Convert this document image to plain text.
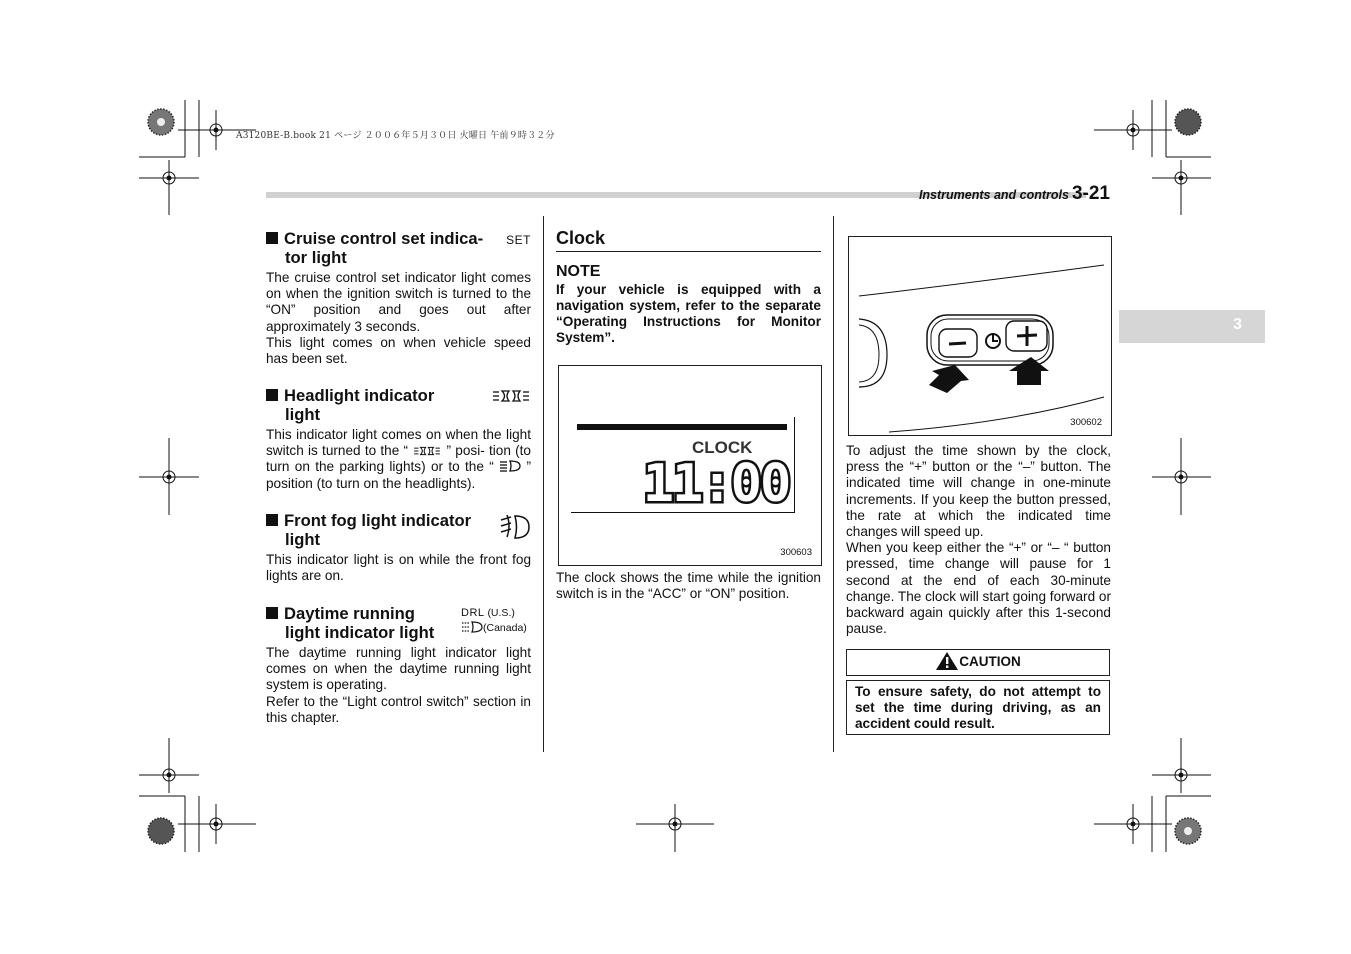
A3120BE-B.book 21 ページ ２００６年５月３０日 火曜日 午前９時３２分
Instruments and controls 3-21
3
Cruise control set indica-
tor light
SET
The cruise control set indicator light comes on when the ignition switch is turned to the “ON” position and goes out after approximately 3 seconds.
This light comes on when vehicle speed has been set.
Headlight indicator
light
This indicator light comes on when the light switch is turned to the “	” posi- tion (to turn on the parking lights) or to the “ ” position (to turn on the headlights).
Front fog light indicator
light
This indicator light is on while the front fog lights are on.
Daytime running
light indicator light
DRL (U.S.)
(Canada)
The daytime running light indicator light comes on when the daytime running light system is operating.
Refer to the “Light control switch” section in this chapter.
Clock
NOTE
If your vehicle is equipped with a navigation system, refer to the separate “Operating Instructions for Monitor System”.
CLOCK
11:00
300603
The clock shows the time while the ignition switch is in the “ACC” or “ON” position.
300602
To adjust the time shown by the clock, press the “+” button or the “–” button. The indicated time will change in one-minute increments. If you keep the button pressed, the rate at which the indicated time changes will speed up.
When you keep either the “+” or “– “ button pressed, time change will pause for 1 second at the end of each 30-minute change. The clock will start going forward or backward again quickly after this 1-second pause.
CAUTION
To ensure safety, do not attempt to set the time during driving, as an accident could result.
